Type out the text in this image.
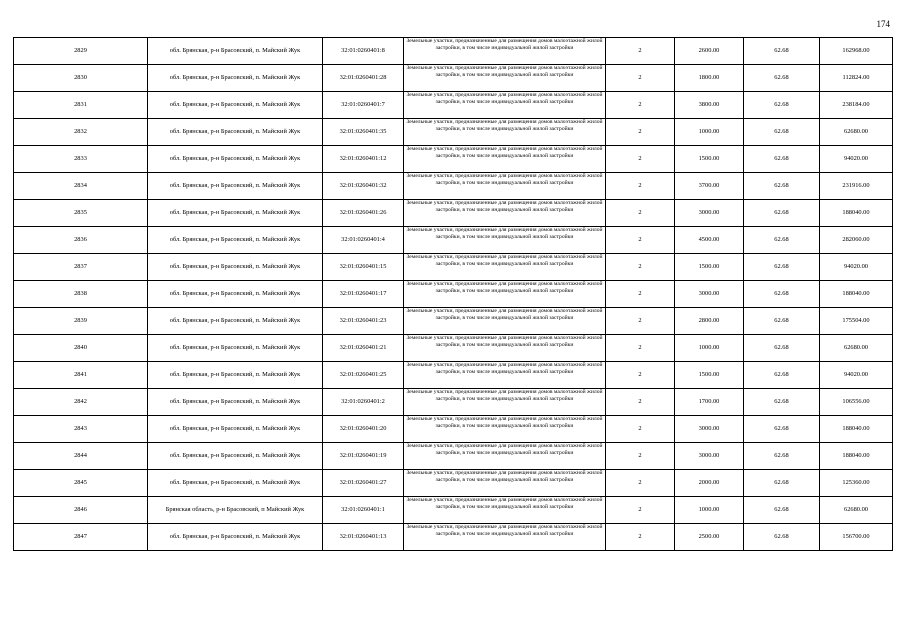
174
2829	обл. Брянская, р-н Брасовский, п. Майский Жук	32:01:0260401:8	Земельные участки, предназначенные для размещения домов малоэтажной жилой застройки, в том числе индивидуальной жилой застройки	2	2600.00	62.68	162968.00
2830	обл. Брянская, р-н Брасовский, п. Майский Жук	32:01:0260401:28	Земельные участки, предназначенные для размещения домов малоэтажной жилой застройки, в том числе индивидуальной жилой застройки	2	1800.00	62.68	112824.00
2831	обл. Брянская, р-н Брасовский, п. Майский Жук	32:01:0260401:7	Земельные участки, предназначенные для размещения домов малоэтажной жилой застройки, в том числе индивидуальной жилой застройки	2	3800.00	62.68	238184.00
2832	обл. Брянская, р-н Брасовский, п. Майский Жук	32:01:0260401:35	Земельные участки, предназначенные для размещения домов малоэтажной жилой застройки, в том числе индивидуальной жилой застройки	2	1000.00	62.68	62680.00
2833	обл. Брянская, р-н Брасовский, п. Майский Жук	32:01:0260401:12	Земельные участки, предназначенные для размещения домов малоэтажной жилой застройки, в том числе индивидуальной жилой застройки	2	1500.00	62.68	94020.00
2834	обл. Брянская, р-н Брасовский, п. Майский Жук	32:01:0260401:32	Земельные участки, предназначенные для размещения домов малоэтажной жилой застройки, в том числе индивидуальной жилой застройки	2	3700.00	62.68	231916.00
2835	обл. Брянская, р-н Брасовский, п. Майский Жук	32:01:0260401:26	Земельные участки, предназначенные для размещения домов малоэтажной жилой застройки, в том числе индивидуальной жилой застройки	2	3000.00	62.68	188040.00
2836	обл. Брянская, р-н Брасовский, п. Майский Жук	32:01:0260401:4	Земельные участки, предназначенные для размещения домов малоэтажной жилой застройки, в том числе индивидуальной жилой застройки	2	4500.00	62.68	282060.00
2837	обл. Брянская, р-н Брасовский, п. Майский Жук	32:01:0260401:15	Земельные участки, предназначенные для размещения домов малоэтажной жилой застройки, в том числе индивидуальной жилой застройки	2	1500.00	62.68	94020.00
2838	обл. Брянская, р-н Брасовский, п. Майский Жук	32:01:0260401:17	Земельные участки, предназначенные для размещения домов малоэтажной жилой застройки, в том числе индивидуальной жилой застройки	2	3000.00	62.68	188040.00
2839	обл. Брянская, р-н Брасовский, п. Майский Жук	32:01:0260401:23	Земельные участки, предназначенные для размещения домов малоэтажной жилой застройки, в том числе индивидуальной жилой застройки	2	2800.00	62.68	175504.00
2840	обл. Брянская, р-н Брасовский, п. Майский Жук	32:01:0260401:21	Земельные участки, предназначенные для размещения домов малоэтажной жилой застройки, в том числе индивидуальной жилой застройки	2	1000.00	62.68	62680.00
2841	обл. Брянская, р-н Брасовский, п. Майский Жук	32:01:0260401:25	Земельные участки, предназначенные для размещения домов малоэтажной жилой застройки, в том числе индивидуальной жилой застройки	2	1500.00	62.68	94020.00
2842	обл. Брянская, р-н Брасовский, п. Майский Жук	32:01:0260401:2	Земельные участки, предназначенные для размещения домов малоэтажной жилой застройки, в том числе индивидуальной жилой застройки	2	1700.00	62.68	106556.00
2843	обл. Брянская, р-н Брасовский, п. Майский Жук	32:01:0260401:20	Земельные участки, предназначенные для размещения домов малоэтажной жилой застройки, в том числе индивидуальной жилой застройки	2	3000.00	62.68	188040.00
2844	обл. Брянская, р-н Брасовский, п. Майский Жук	32:01:0260401:19	Земельные участки, предназначенные для размещения домов малоэтажной жилой застройки, в том числе индивидуальной жилой застройки	2	3000.00	62.68	188040.00
2845	обл. Брянская, р-н Брасовский, п. Майский Жук	32:01:0260401:27	Земельные участки, предназначенные для размещения домов малоэтажной жилой застройки, в том числе индивидуальной жилой застройки	2	2000.00	62.68	125360.00
2846	Брянская область, р-н Брасовский, п Майский Жук	32:01:0260401:1	Земельные участки, предназначенные для размещения домов малоэтажной жилой застройки, в том числе индивидуальной жилой застройки	2	1000.00	62.68	62680.00
2847	обл. Брянская, р-н Брасовский, п. Майский Жук	32:01:0260401:13	Земельные участки, предназначенные для размещения домов малоэтажной жилой застройки, в том числе индивидуальной жилой застройки	2	2500.00	62.68	156700.00
